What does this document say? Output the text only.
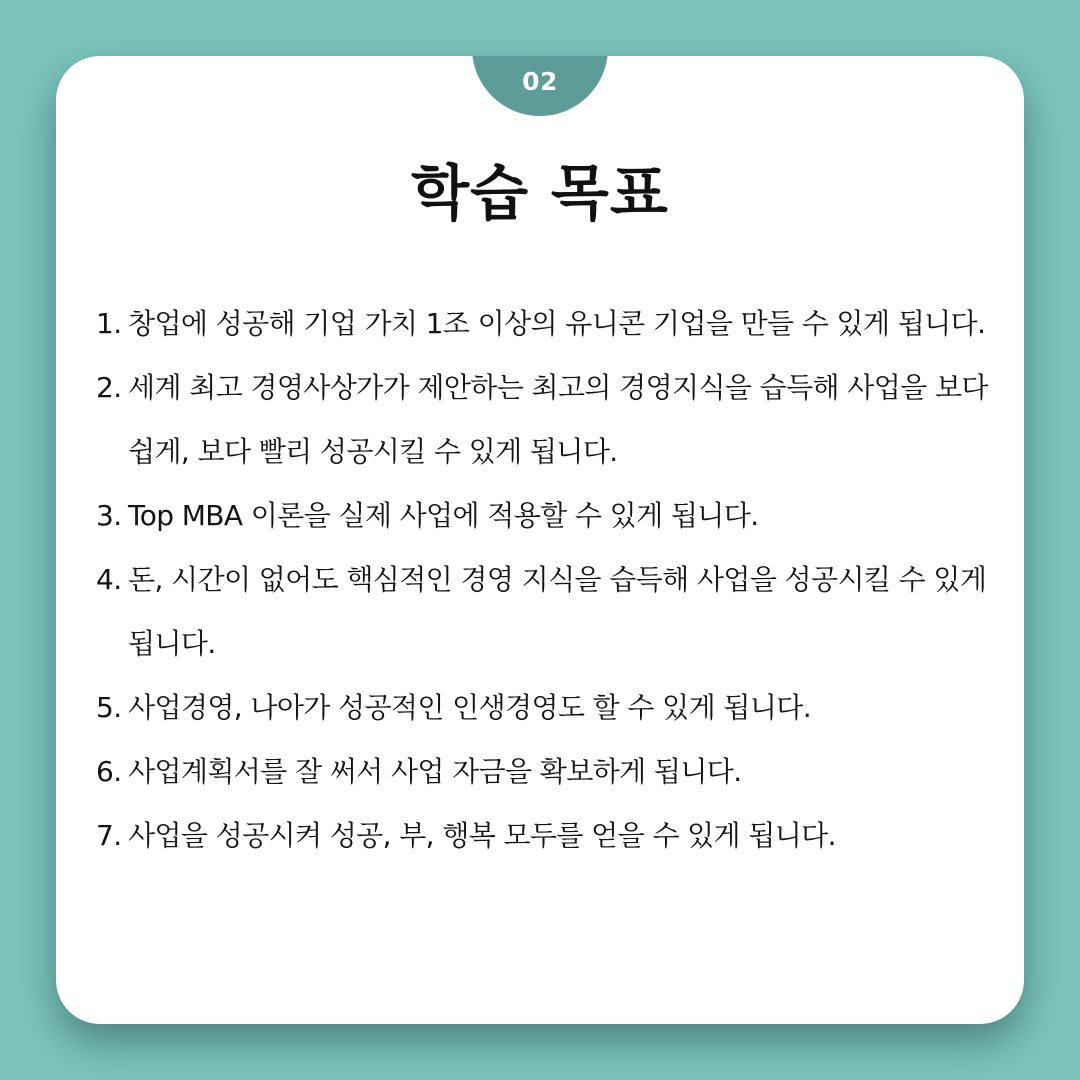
02
학습 목표
1. 창업에 성공해 기업 가치 1조 이상의 유니콘 기업을 만들 수 있게 됩니다.
2. 세계 최고 경영사상가가 제안하는 최고의 경영지식을 습득해 사업을 보다 쉽게, 보다 빨리 성공시킬 수 있게 됩니다.
3. Top MBA 이론을 실제 사업에 적용할 수 있게 됩니다.
4. 돈, 시간이 없어도 핵심적인 경영 지식을 습득해 사업을 성공시킬 수 있게 됩니다.
5. 사업경영, 나아가 성공적인 인생경영도 할 수 있게 됩니다.
6. 사업계획서를 잘 써서 사업 자금을 확보하게 됩니다.
7. 사업을 성공시켜 성공, 부, 행복 모두를 얻을 수 있게 됩니다.
